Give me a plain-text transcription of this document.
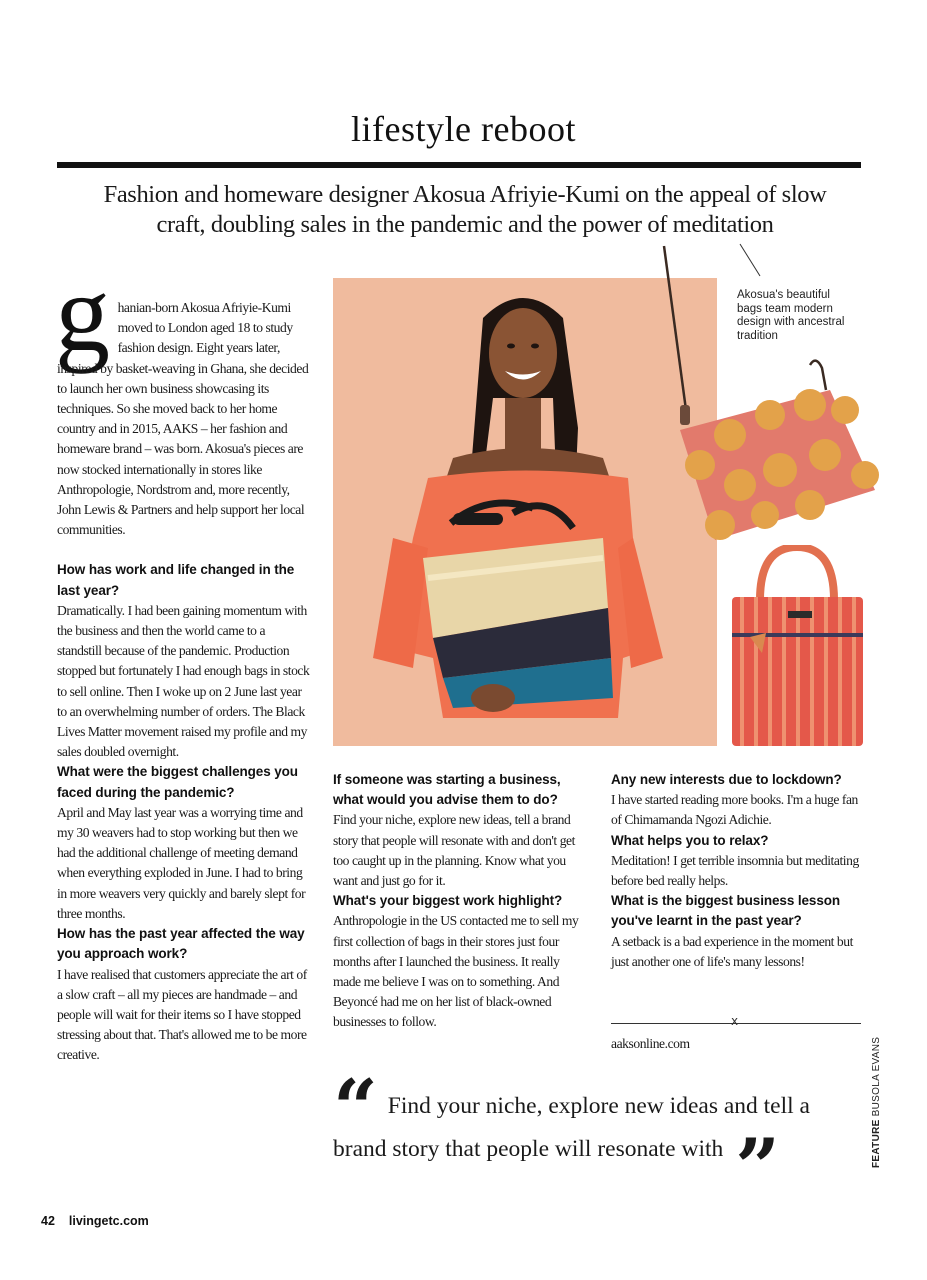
lifestyle reboot
Fashion and homeware designer Akosua Afriyie-Kumi on the appeal of slow craft, doubling sales in the pandemic and the power of meditation
g hanian-born Akosua Afriyie-Kumi moved to London aged 18 to study fashion design. Eight years later, inspired by basket-weaving in Ghana, she decided to launch her own business showcasing its techniques. So she moved back to her home country and in 2015, AAKS – her fashion and homeware brand – was born. Akosua's pieces are now stocked internationally in stores like Anthropologie, Nordstrom and, more recently, John Lewis & Partners and help support her local communities.

How has work and life changed in the last year?

Dramatically. I had been gaining momentum with the business and then the world came to a standstill because of the pandemic. Production stopped but fortunately I had enough bags in stock to sell online. Then I woke up on 2 June last year to an overwhelming number of orders. The Black Lives Matter movement raised my profile and my sales doubled overnight.

What were the biggest challenges you faced during the pandemic?

April and May last year was a worrying time and my 30 weavers had to stop working but then we had the additional challenge of meeting demand when everything exploded in June. I had to bring in more weavers very quickly and barely slept for three months.

How has the past year affected the way you approach work?

I have realised that customers appreciate the art of a slow craft – all my pieces are handmade – and people will wait for their items so I have stopped stressing about that. That's allowed me to be more creative.

Akosua's beautiful bags team modern design with ancestral tradition

If someone was starting a business, what would you advise them to do?

Find your niche, explore new ideas, tell a brand story that people will resonate with and don't get too caught up in the planning. Know what you want and just go for it.

What's your biggest work highlight?

Anthropologie in the US contacted me to sell my first collection of bags in their stores just four months after I launched the business. It really made me believe I was on to something. And Beyoncé had me on her list of black-owned businesses to follow.

Any new interests due to lockdown?

I have started reading more books. I'm a huge fan of Chimamanda Ngozi Adichie.

What helps you to relax?

Meditation! I get terrible insomnia but meditating before bed really helps.

What is the biggest business lesson you've learnt in the past year?

A setback is a bad experience in the moment but just another one of life's many lessons!

x
aaksonline.com
“ Find your niche, explore new ideas and tell a brand story that people will resonate with ”	FEATURE BUSOLA EVANS
42 livingetc.com
